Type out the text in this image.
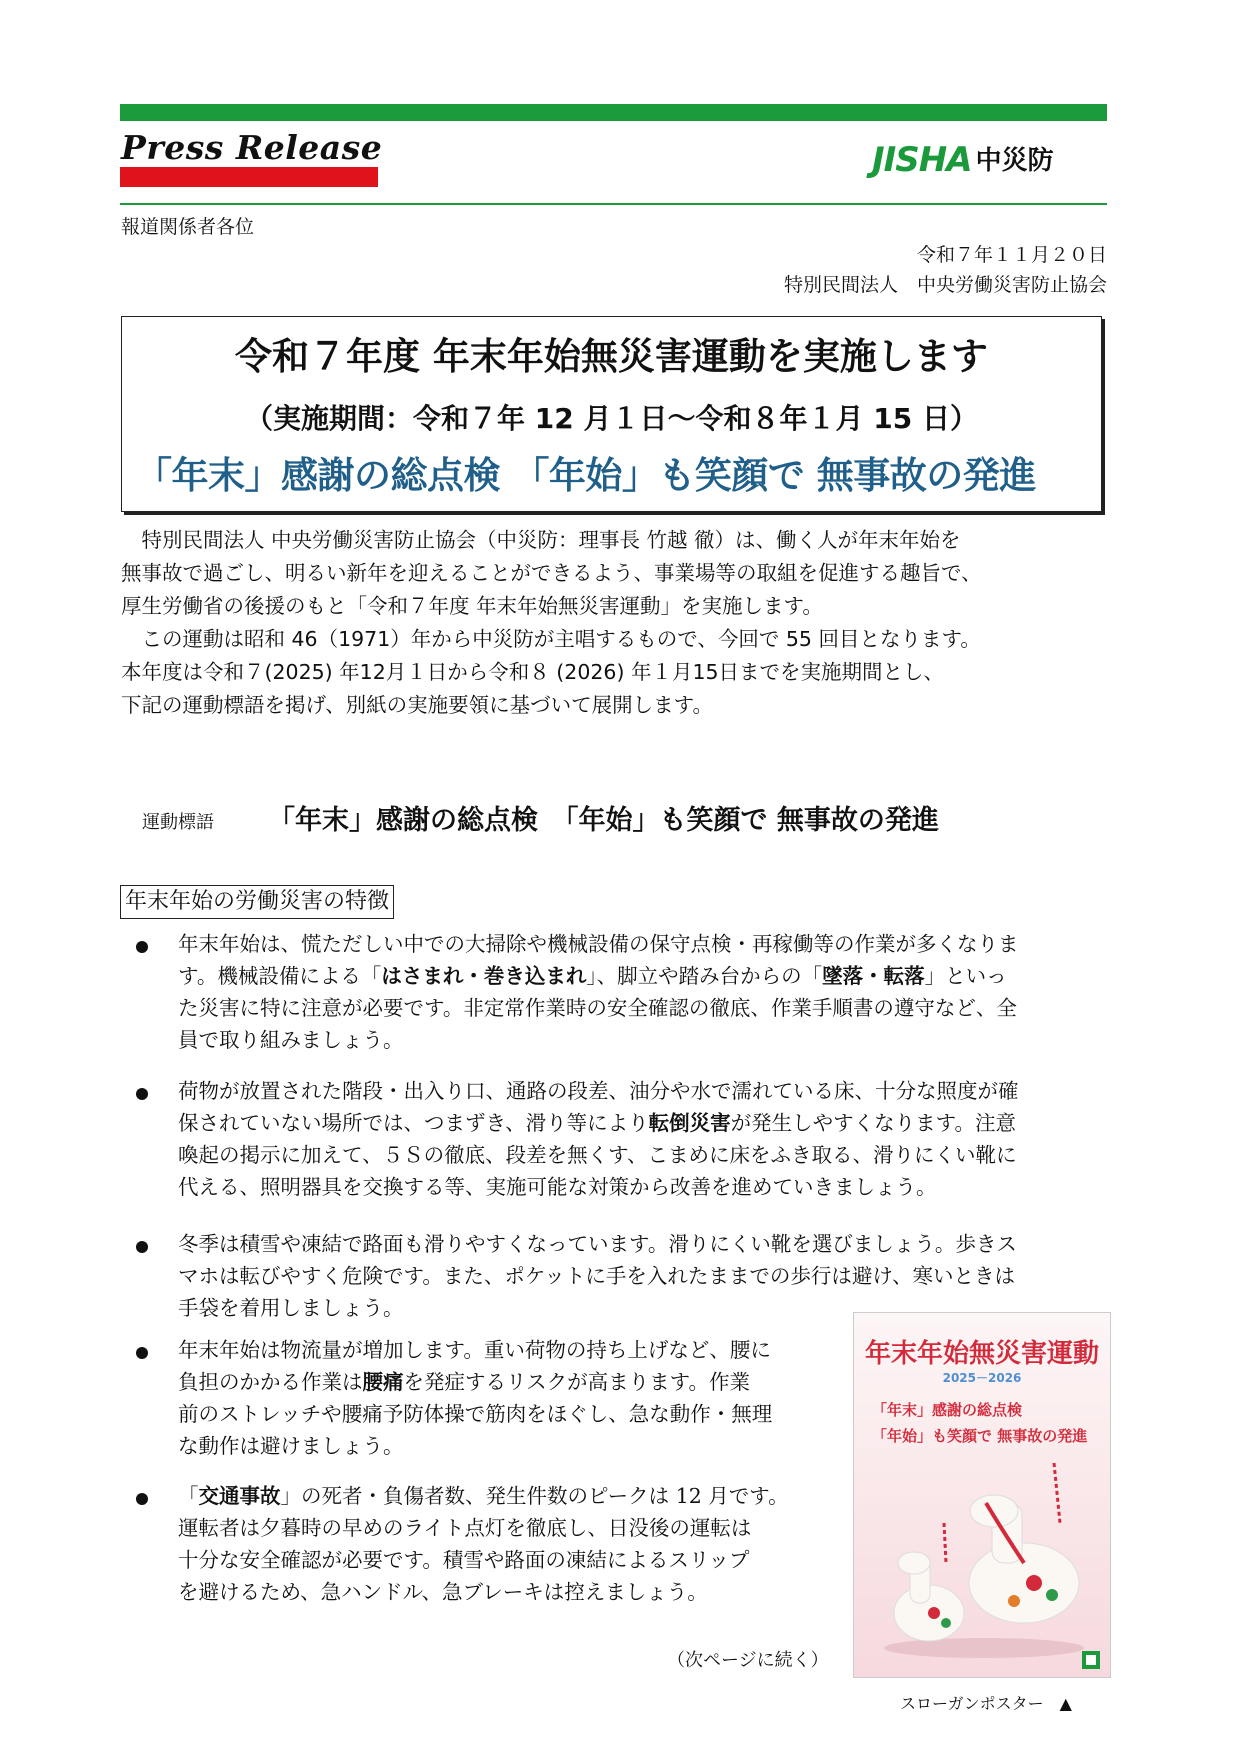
Press Release	JISHA 中災防
報道関係者各位
令和７年１１月２０日
特別民間法人　中央労働災害防止協会
令和７年度 年末年始無災害運動を実施します
（実施期間：令和７年 12 月１日～令和８年１月 15 日）
「年末」感謝の総点検 「年始」も笑顔で 無事故の発進
　特別民間法人 中央労働災害防止協会（中災防：理事長 竹越 徹）は、働く人が年末年始を
無事故で過ごし、明るい新年を迎えることができるよう、事業場等の取組を促進する趣旨で、
厚生労働省の後援のもと「令和７年度 年末年始無災害運動」を実施します。
　この運動は昭和 46（1971）年から中災防が主唱するもので、今回で 55 回目となります。
本年度は令和７(2025) 年12月１日から令和８ (2026) 年１月15日までを実施期間とし、
下記の運動標語を掲げ、別紙の実施要領に基づいて展開します。
運動標語 「年末」感謝の総点検　「年始」も笑顔で 無事故の発進
年末年始の労働災害の特徴
年末年始は、慌ただしい中での大掃除や機械設備の保守点検・再稼働等の作業が多くなりま
す。機械設備による「はさまれ・巻き込まれ」、脚立や踏み台からの「墜落・転落」といっ
た災害に特に注意が必要です。非定常作業時の安全確認の徹底、作業手順書の遵守など、全
員で取り組みましょう。
荷物が放置された階段・出入り口、通路の段差、油分や水で濡れている床、十分な照度が確
保されていない場所では、つまずき、滑り等により転倒災害が発生しやすくなります。注意
喚起の掲示に加えて、５Ｓの徹底、段差を無くす、こまめに床をふき取る、滑りにくい靴に
代える、照明器具を交換する等、実施可能な対策から改善を進めていきましょう。
冬季は積雪や凍結で路面も滑りやすくなっています。滑りにくい靴を選びましょう。歩きス
マホは転びやすく危険です。また、ポケットに手を入れたままでの歩行は避け、寒いときは
手袋を着用しましょう。
年末年始は物流量が増加します。重い荷物の持ち上げなど、腰に
負担のかかる作業は腰痛を発症するリスクが高まります。作業
前のストレッチや腰痛予防体操で筋肉をほぐし、急な動作・無理
な動作は避けましょう。
「交通事故」の死者・負傷者数、発生件数のピークは 12 月です。
運転者は夕暮時の早めのライト点灯を徹底し、日没後の運転は
十分な安全確認が必要です。積雪や路面の凍結によるスリップ
を避けるため、急ハンドル、急ブレーキは控えましょう。
（次ページに続く）
年末年始無災害運動
2025－2026
「年末」感謝の総点検
「年始」も笑顔で 無事故の発進
スローガンポスター　▲
